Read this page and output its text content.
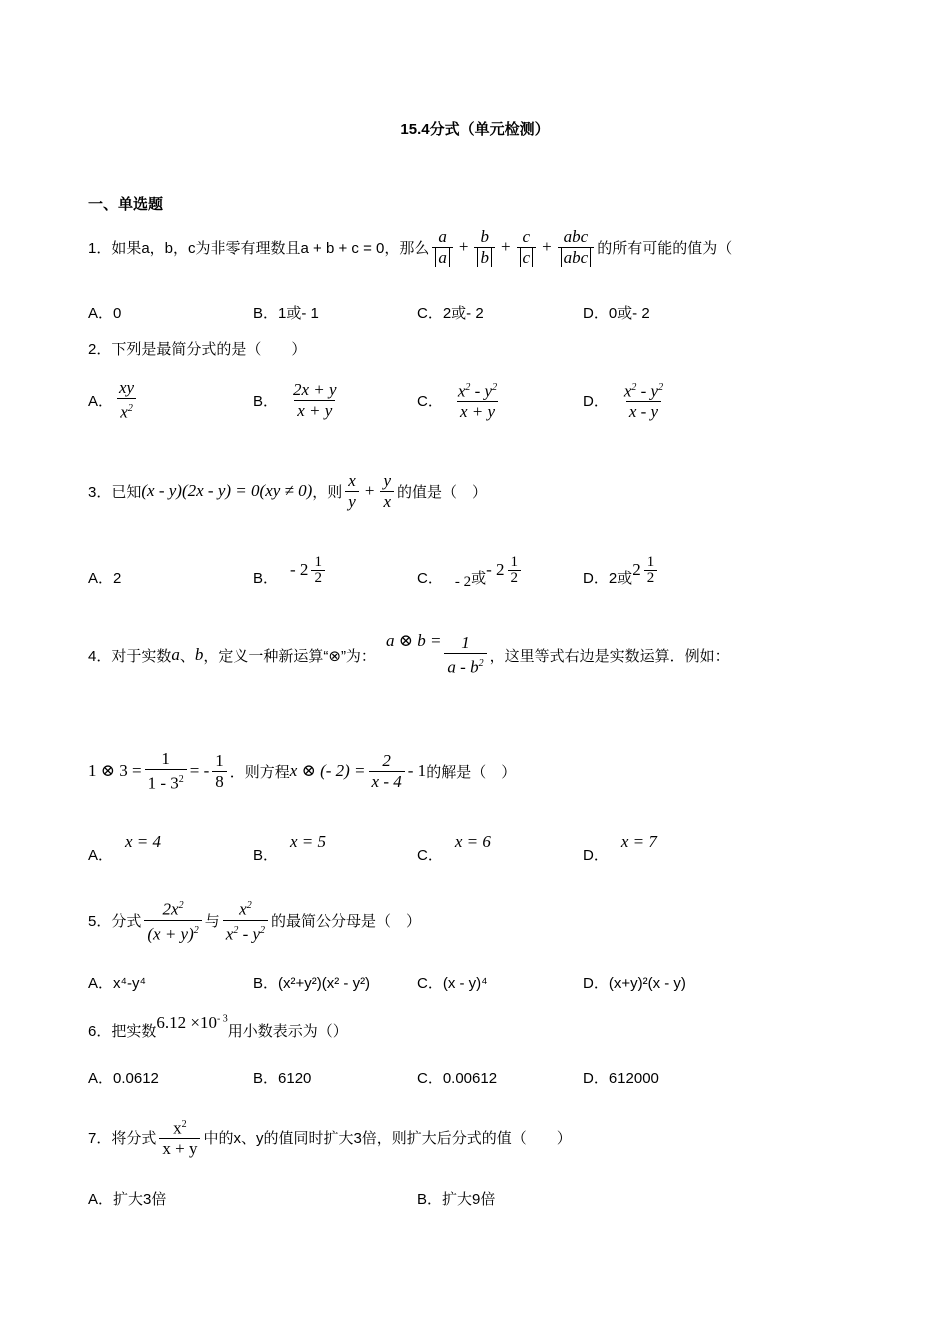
15.4分式（单元检测）
一、单选题
1． 如果a，b，c为非零有理数且a + b + c = 0，那么 $\frac{a}{a} + \frac{b}{b} + \frac{c}{c} + \frac{\text{abc}}{\text{abc}}$ 的所有可能的值为（
A．0	B．1或- 1	C．2或- 2	D．0或- 2
2． 下列是最简分式的是（　　）
A． $\frac{xy}{x^2}$	B． $\frac{2x + y}{x + y}$	C． $\frac{x^2 - y^2}{x + y}$	D． $\frac{x^2 - y^2}{x - y}$
3． 已知 (x - y)(2x - y) = 0(xy ≠ 0) ，则 $\frac{x}{y} + \frac{y}{x}$ 的值是（　）
A．2	B． - $2 \frac{1}{2}$	C． - 2 或 - $2 \frac{1}{2}$	D．2或 $2 \frac{1}{2}$
4． 对于实数 a 、 b ，定义一种新运算“⊗”为：
a ⊗ $b = \frac{1}{a - b^2}$ ，这里等式右边是实数运算．例如：
1 ⊗ $3 = \frac{1}{1 - 3^2}$ = - $\frac{1}{8}$ ．则方程 x ⊗ (- $2) = \frac{2}{x - 4} - 1$ 的解是（　）
A．
x = 4
B．
x = 5
C．
x = 6
D．
x = 7
5． 分式 $\frac{2x^2}{(x + y)^2}$ 与 $\frac{x^2}{x^2 - y^2}$ 的最简公分母是（　）
A．x⁴-y⁴	B．(x²+y²)(x² - y²)	C．(x - y)⁴	D．(x+y)²(x - y)
6． 把实数 $6.12 \times 10^{- 3}$
用小数表示为（）
A．0.0612	B．6120	C．0.00612	D．612000
7． 将分式 $\frac{x^2}{x + y}$ 中的x、y的值同时扩大3倍，则扩大后分式的值（　　）
A．扩大3倍	B．扩大9倍
